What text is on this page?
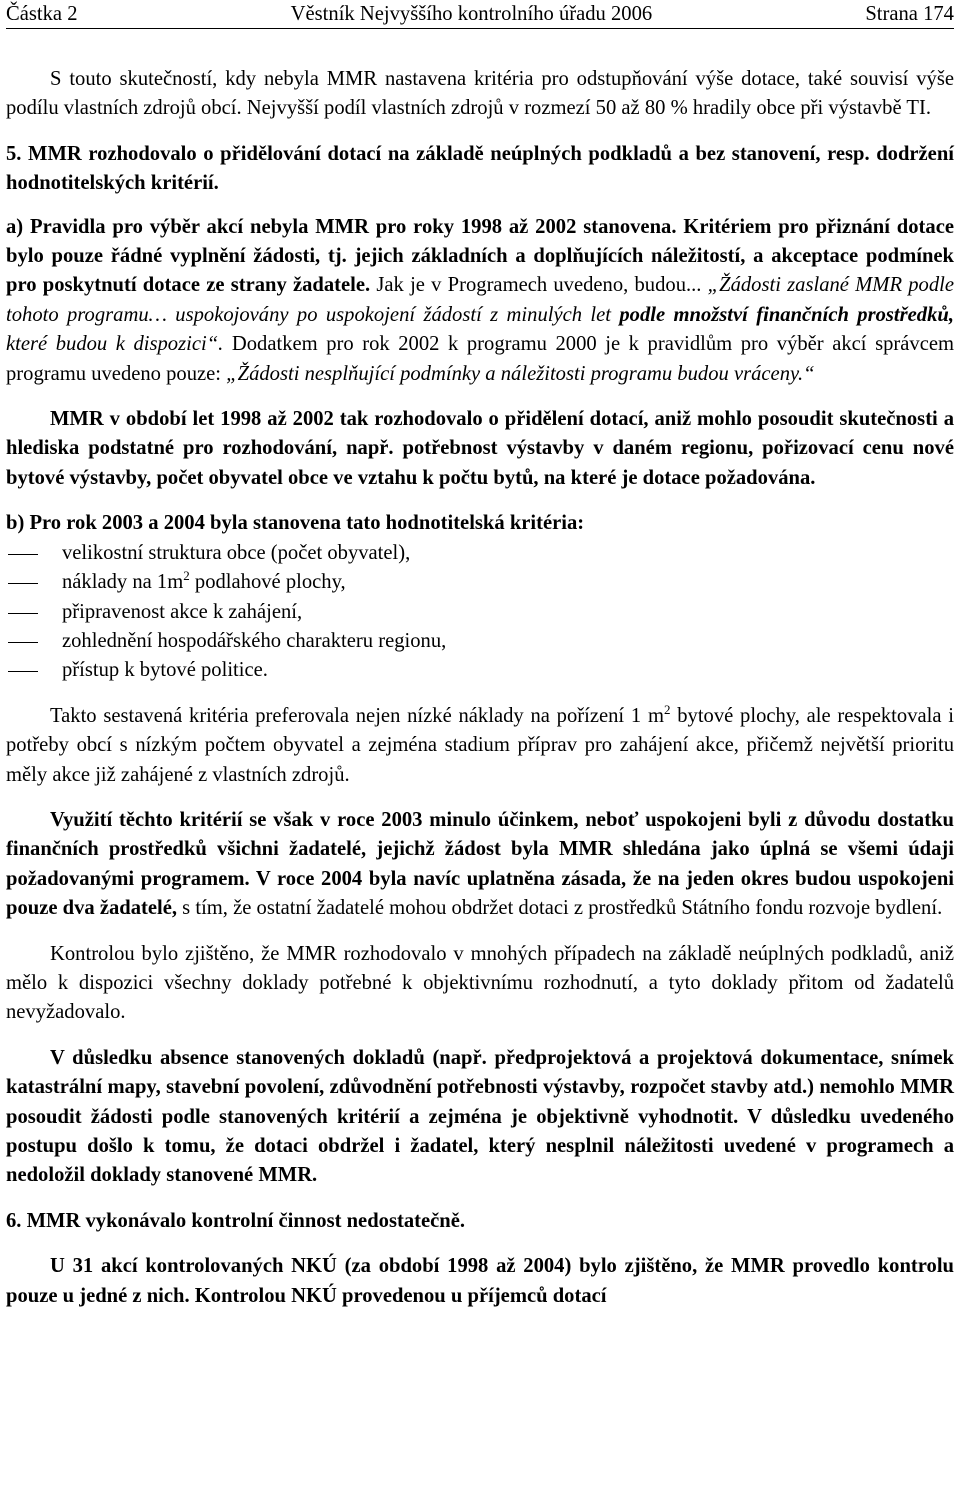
Částka 2	Věstník Nejvyššího kontrolního úřadu 2006	Strana 174

S touto skutečností, kdy nebyla MMR nastavena kritéria pro odstupňování výše dotace, také souvisí výše podílu vlastních zdrojů obcí. Nejvyšší podíl vlastních zdrojů v rozmezí 50 až 80 % hradily obce při výstavbě TI.

5. MMR rozhodovalo o přidělování dotací na základě neúplných podkladů a bez stanovení, resp. dodržení hodnotitelských kritérií.

a) Pravidla pro výběr akcí nebyla MMR pro roky 1998 až 2002 stanovena. Kritériem pro přiznání dotace bylo pouze řádné vyplnění žádosti, tj. jejich základních a doplňujících náležitostí, a akceptace podmínek pro poskytnutí dotace ze strany žadatele. Jak je v Programech uvedeno, budou... „Žádosti zaslané MMR podle tohoto programu… uspokojovány po uspokojení žádostí z minulých let podle množství finančních prostředků, které budou k dispozici“. Dodatkem pro rok 2002 k programu 2000 je k pravidlům pro výběr akcí správcem programu uvedeno pouze: „Žádosti nesplňující podmínky a náležitosti programu budou vráceny.“

MMR v období let 1998 až 2002 tak rozhodovalo o přidělení dotací, aniž mohlo posoudit skutečnosti a hlediska podstatné pro rozhodování, např. potřebnost výstavby v daném regionu, pořizovací cenu nové bytové výstavby, počet obyvatel obce ve vztahu k počtu bytů, na které je dotace požadována.

b) Pro rok 2003 a 2004 byla stanovena tato hodnotitelská kritéria:

velikostní struktura obce (počet obyvatel),
náklady na $1m^2$ podlahové plochy,
připravenost akce k zahájení,
zohlednění hospodářského charakteru regionu,
přístup k bytové politice.

Takto sestavená kritéria preferovala nejen nízké náklady na pořízení 1 $m^2$ bytové plochy, ale respektovala i potřeby obcí s nízkým počtem obyvatel a zejména stadium příprav pro zahájení akce, přičemž největší prioritu měly akce již zahájené z vlastních zdrojů.

Využití těchto kritérií se však v roce 2003 minulo účinkem, neboť uspokojeni byli z důvodu dostatku finančních prostředků všichni žadatelé, jejichž žádost byla MMR shledána jako úplná se všemi údaji požadovanými programem. V roce 2004 byla navíc uplatněna zásada, že na jeden okres budou uspokojeni pouze dva žadatelé, s tím, že ostatní žadatelé mohou obdržet dotaci z prostředků Státního fondu rozvoje bydlení.

Kontrolou bylo zjištěno, že MMR rozhodovalo v mnohých případech na základě neúplných podkladů, aniž mělo k dispozici všechny doklady potřebné k objektivnímu rozhodnutí, a tyto doklady přitom od žadatelů nevyžadovalo.

V důsledku absence stanovených dokladů (např. předprojektová a projektová dokumentace, snímek katastrální mapy, stavební povolení, zdůvodnění potřebnosti výstavby, rozpočet stavby atd.) nemohlo MMR posoudit žádosti podle stanovených kritérií a zejména je objektivně vyhodnotit. V důsledku uvedeného postupu došlo k tomu, že dotaci obdržel i žadatel, který nesplnil náležitosti uvedené v programech a nedoložil doklady stanovené MMR.

6. MMR vykonávalo kontrolní činnost nedostatečně.

U 31 akcí kontrolovaných NKÚ (za období 1998 až 2004) bylo zjištěno, že MMR provedlo kontrolu pouze u jedné z nich. Kontrolou NKÚ provedenou u příjemců dotací
